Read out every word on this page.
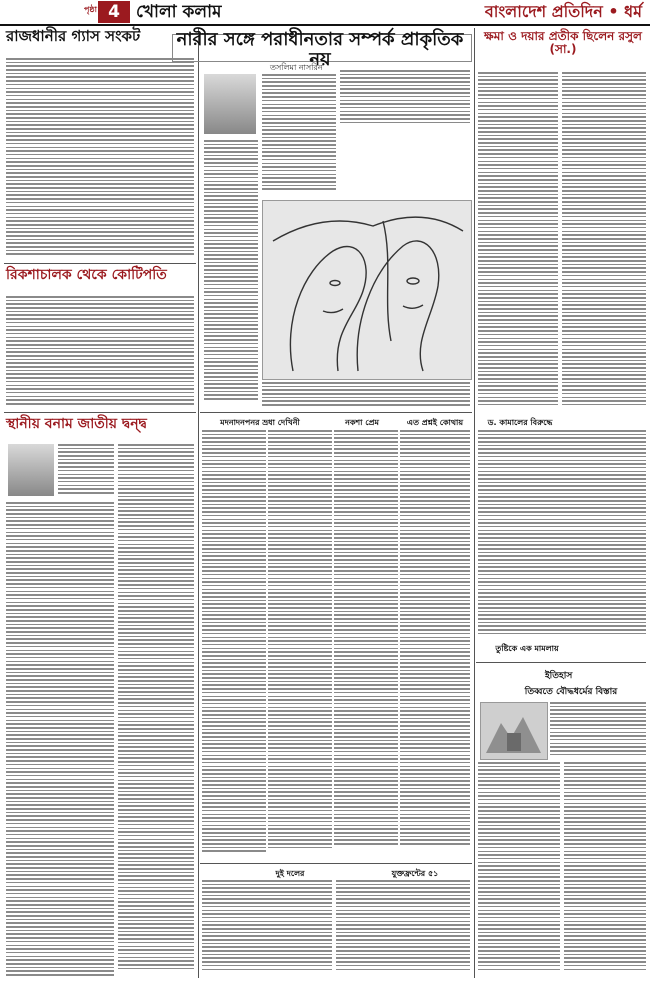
পৃষ্ঠা 4 খোলা কলাম	বাংলাদেশ প্রতিদিন • ধর্ম
রাজধানীর গ্যাস সংকট
রিকশাচালক থেকে কোটিপতি
স্থানীয় বনাম জাতীয় দ্বন্দ্ব
নারীর সঙ্গে পরাধীনতার সম্পর্ক প্রাকৃতিক নয়
তসলিমা নাসরিন
মদনাদনপনর ভ্রধা দেখিনী	নকশা প্রেম	এত প্রশ্নই কোথায়
দুই দলের	যুক্তফ্রন্টের ৫১
ক্ষমা ও দয়ার প্রতীক ছিলেন রসুল (সা.)
ড. কামালের বিরুদ্ধে
তুষ্টিকে এক মামলায়
ইতিহাস
তিব্বতে বৌদ্ধধর্মের বিস্তার
